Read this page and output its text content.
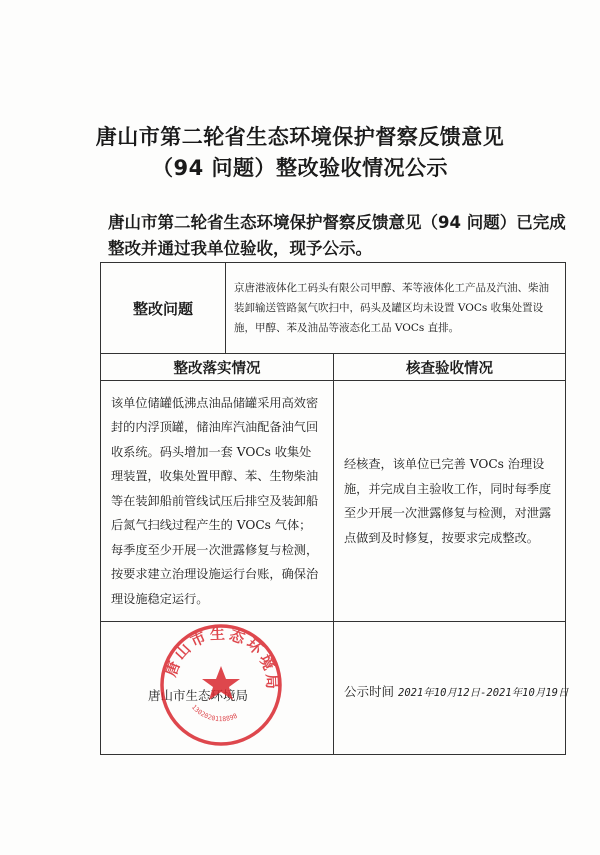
唐山市第二轮省生态环境保护督察反馈意见
（94 问题）整改验收情况公示
唐山市第二轮省生态环境保护督察反馈意见（94 问题）已完成
整改并通过我单位验收，现予公示。
整改问题	京唐港液体化工码头有限公司甲醇、苯等液体化工产品及汽油、柴油装卸输送管路氮气吹扫中，码头及罐区均未设置 VOCs 收集处置设施，甲醇、苯及油品等液态化工品 VOCs 直排。	
整改落实情况		核查验收情况
该单位储罐低沸点油品储罐采用高效密封的内浮顶罐，储油库汽油配备油气回收系统。码头增加一套 VOCs 收集处理装置，收集处置甲醇、苯、生物柴油等在装卸船前管线试压后排空及装卸船后氮气扫线过程产生的 VOCs 气体；每季度至少开展一次泄露修复与检测，按要求建立治理设施运行台账，确保治理设施稳定运行。		经核查，该单位已完善 VOCs 治理设施，并完成自主验收工作，同时每季度至少开展一次泄露修复与检测，对泄露点做到及时修复，按要求完成整改。

唐山市生态环境局		公示时间 2021年10月12日-2021年10月19日
唐山市生态环境局
1302020118898
